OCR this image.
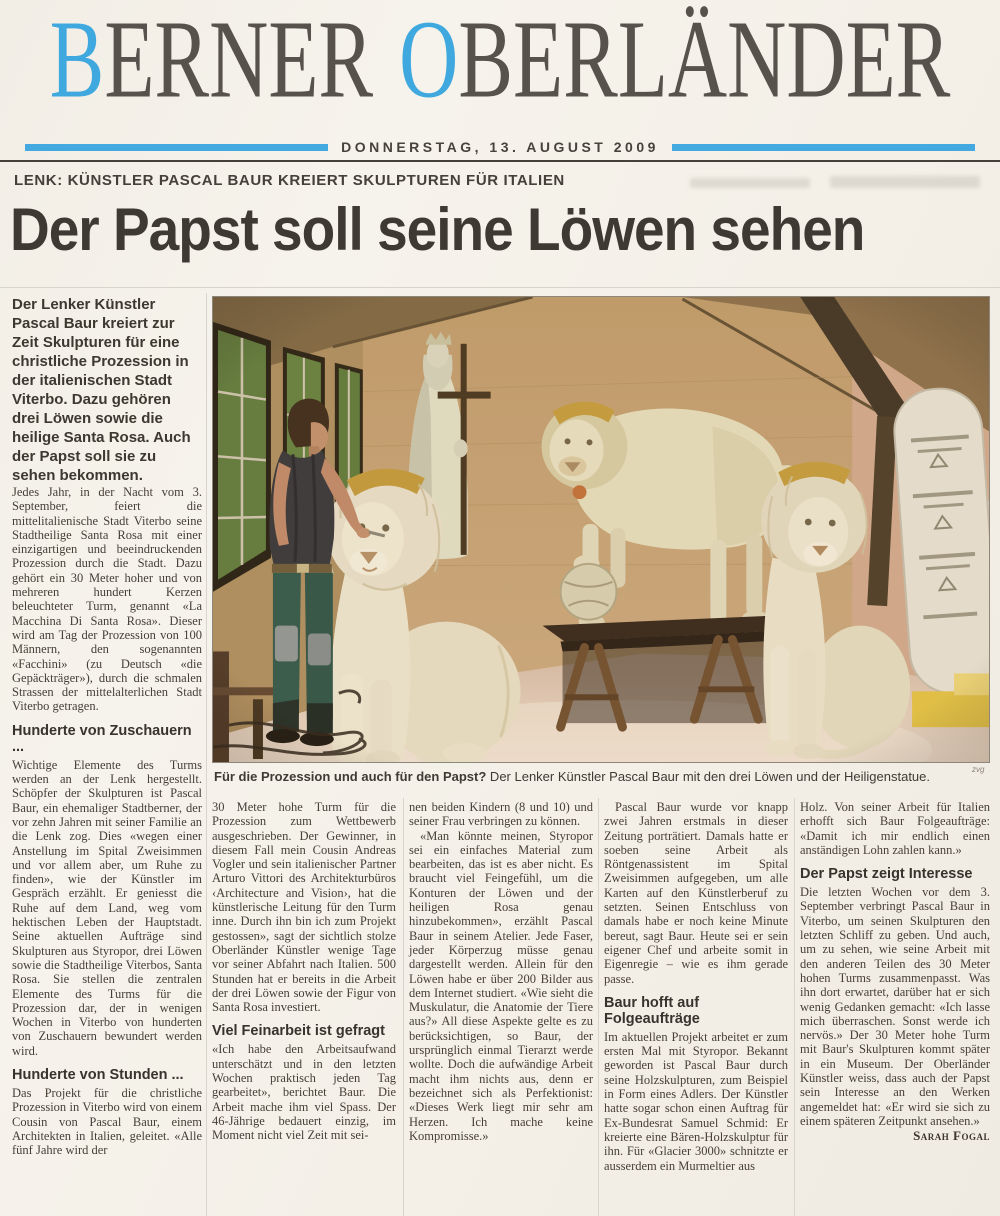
BERNER OBERLÄNDER
DONNERSTAG, 13. AUGUST 2009
LENK: KÜNSTLER PASCAL BAUR KREIERT SKULPTUREN FÜR ITALIEN
Der Papst soll seine Löwen sehen

Der Lenker Künstler Pascal Baur kreiert zur Zeit Skulpturen für eine christliche Prozession in der italienischen Stadt Viterbo. Dazu gehören drei Löwen sowie die heilige Santa Rosa. Auch der Papst soll sie zu sehen bekommen.

Jedes Jahr, in der Nacht vom 3. September, feiert die mittelitalienische Stadt Viterbo seine Stadtheilige Santa Rosa mit einer einzigartigen und beeindruckenden Prozession durch die Stadt. Dazu gehört ein 30 Meter hoher und von mehreren hundert Kerzen beleuchteter Turm, genannt «La Macchina Di Santa Rosa». Dieser wird am Tag der Prozession von 100 Männern, den sogenannten «Facchini» (zu Deutsch «die Gepäckträger»), durch die schmalen Strassen der mittelalterlichen Stadt Viterbo getragen.

Hunderte von Zuschauern ...

Wichtige Elemente des Turms werden an der Lenk hergestellt. Schöpfer der Skulpturen ist Pascal Baur, ein ehemaliger Stadtberner, der vor zehn Jahren mit seiner Familie an die Lenk zog. Dies «wegen einer Anstellung im Spital Zweisimmen und vor allem aber, um Ruhe zu finden», wie der Künstler im Gespräch erzählt. Er geniesst die Ruhe auf dem Land, weg vom hektischen Leben der Hauptstadt. Seine aktuellen Aufträge sind Skulpturen aus Styropor, drei Löwen sowie die Stadtheilige Viterbos, Santa Rosa. Sie stellen die zentralen Elemente des Turms für die Prozession dar, der in wenigen Wochen in Viterbo von hunderten von Zuschauern bewundert werden wird.

Hunderte von Stunden ...

Das Projekt für die christliche Prozession in Viterbo wird von einem Cousin von Pascal Baur, einem Architekten in Italien, geleitet. «Alle fünf Jahre wird der

Für die Prozession und auch für den Papst? Der Lenker Künstler Pascal Baur mit den drei Löwen und der Heiligenstatue.	zvg

30 Meter hohe Turm für die Prozession zum Wettbewerb ausgeschrieben. Der Gewinner, in diesem Fall mein Cousin Andreas Vogler und sein italienischer Partner Arturo Vittori des Architekturbüros ‹Architecture and Vision›, hat die künstlerische Leitung für den Turm inne. Durch ihn bin ich zum Projekt gestossen», sagt der sichtlich stolze Oberländer Künstler wenige Tage vor seiner Abfahrt nach Italien. 500 Stunden hat er bereits in die Arbeit der drei Löwen sowie der Figur von Santa Rosa investiert.

Viel Feinarbeit ist gefragt

«Ich habe den Arbeitsaufwand unterschätzt und in den letzten Wochen praktisch jeden Tag gearbeitet», berichtet Baur. Die Arbeit mache ihm viel Spass. Der 46-Jährige bedauert einzig, im Moment nicht viel Zeit mit sei-

nen beiden Kindern (8 und 10) und seiner Frau verbringen zu können.

«Man könnte meinen, Styropor sei ein einfaches Material zum bearbeiten, das ist es aber nicht. Es braucht viel Feingefühl, um die Konturen der Löwen und der heiligen Rosa genau hinzubekommen», erzählt Pascal Baur in seinem Atelier. Jede Faser, jeder Körperzug müsse genau dargestellt werden. Allein für den Löwen habe er über 200 Bilder aus dem Internet studiert. «Wie sieht die Muskulatur, die Anatomie der Tiere aus?» All diese Aspekte gelte es zu berücksichtigen, so Baur, der ursprünglich einmal Tierarzt werde wollte. Doch die aufwändige Arbeit macht ihm nichts aus, denn er bezeichnet sich als Perfektionist: «Dieses Werk liegt mir sehr am Herzen. Ich mache keine Kompromisse.»

Pascal Baur wurde vor knapp zwei Jahren erstmals in dieser Zeitung porträtiert. Damals hatte er soeben seine Arbeit als Röntgenassistent im Spital Zweisimmen aufgegeben, um alle Karten auf den Künstlerberuf zu setzten. Seinen Entschluss von damals habe er noch keine Minute bereut, sagt Baur. Heute sei er sein eigener Chef und arbeite somit in Eigenregie – wie es ihm gerade passe.

Baur hofft auf Folgeaufträge

Im aktuellen Projekt arbeitet er zum ersten Mal mit Styropor. Bekannt geworden ist Pascal Baur durch seine Holzskulpturen, zum Beispiel in Form eines Adlers. Der Künstler hatte sogar schon einen Auftrag für Ex-Bundesrat Samuel Schmid: Er kreierte eine Bären-Holzskulptur für ihn. Für «Glacier 3000» schnitzte er ausserdem ein Murmeltier aus

Holz. Von seiner Arbeit für Italien erhofft sich Baur Folgeaufträge: «Damit ich mir endlich einen anständigen Lohn zahlen kann.»

Der Papst zeigt Interesse

Die letzten Wochen vor dem 3. September verbringt Pascal Baur in Viterbo, um seinen Skulpturen den letzten Schliff zu geben. Und auch, um zu sehen, wie seine Arbeit mit den anderen Teilen des 30 Meter hohen Turms zusammenpasst. Was ihn dort erwartet, darüber hat er sich wenig Gedanken gemacht: «Ich lasse mich überraschen. Sonst werde ich nervös.» Der 30 Meter hohe Turm mit Baur's Skulpturen kommt später in ein Museum. Der Oberländer Künstler weiss, dass auch der Papst sein Interesse an den Werken angemeldet hat: «Er wird sie sich zu einem späteren Zeitpunkt ansehen.»

Sarah Fogal
